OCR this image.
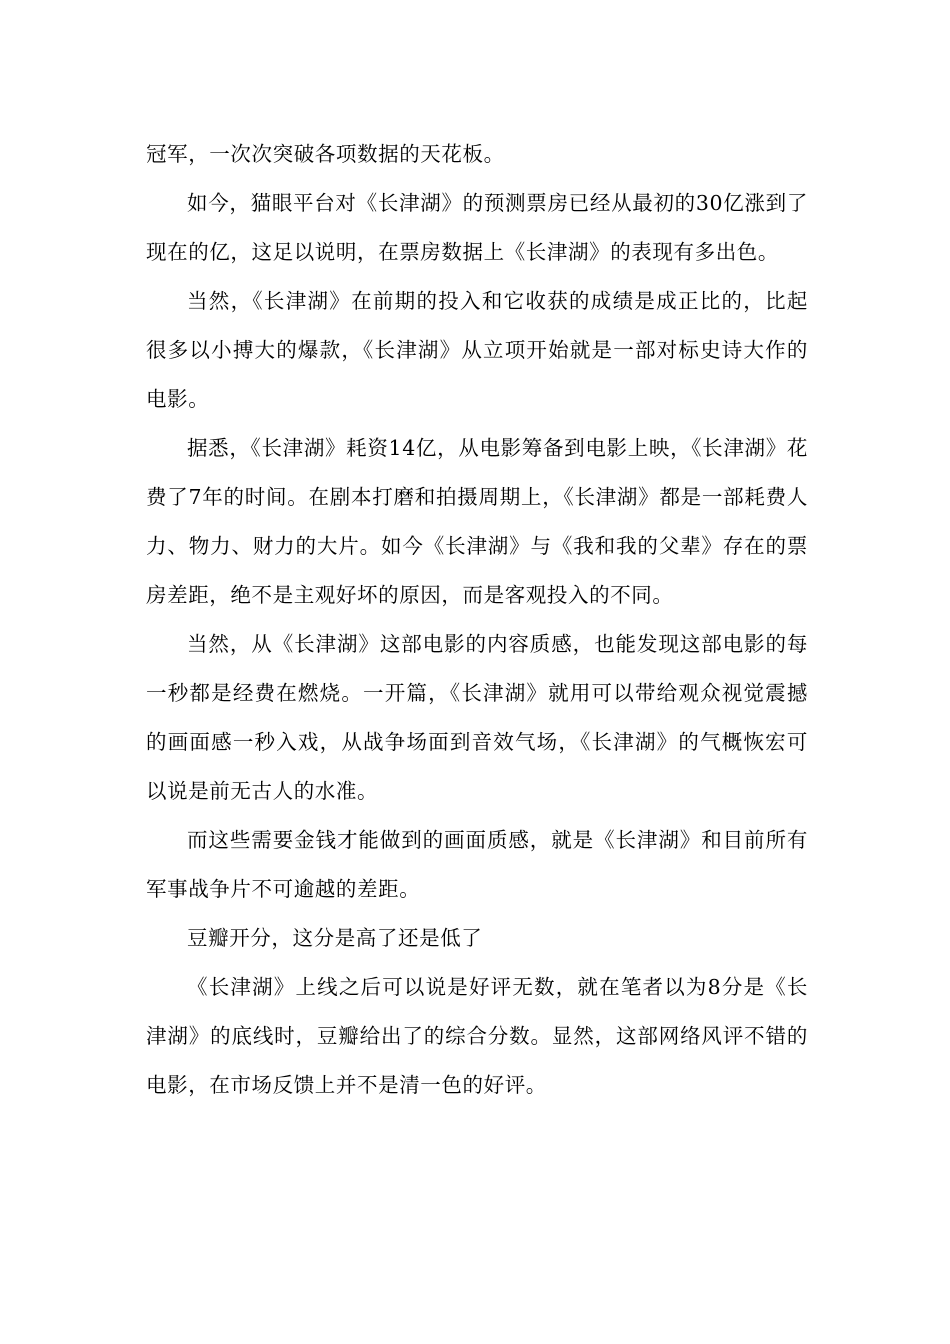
冠军，一次次突破各项数据的天花板。

如今，猫眼平台对《长津湖》的预测票房已经从最初的30亿涨到了现在的亿，这足以说明，在票房数据上《长津湖》的表现有多出色。

当然，《长津湖》在前期的投入和它收获的成绩是成正比的，比起很多以小搏大的爆款，《长津湖》从立项开始就是一部对标史诗大作的电影。

据悉，《长津湖》耗资14亿，从电影筹备到电影上映，《长津湖》花费了7年的时间。在剧本打磨和拍摄周期上，《长津湖》都是一部耗费人力、物力、财力的大片。如今《长津湖》与《我和我的父辈》存在的票房差距，绝不是主观好坏的原因，而是客观投入的不同。

当然，从《长津湖》这部电影的内容质感，也能发现这部电影的每一秒都是经费在燃烧。一开篇，《长津湖》就用可以带给观众视觉震撼的画面感一秒入戏，从战争场面到音效气场，《长津湖》的气概恢宏可以说是前无古人的水准。

而这些需要金钱才能做到的画面质感，就是《长津湖》和目前所有军事战争片不可逾越的差距。

豆瓣开分，这分是高了还是低了

《长津湖》上线之后可以说是好评无数，就在笔者以为8分是《长津湖》的底线时，豆瓣给出了的综合分数。显然，这部网络风评不错的电影，在市场反馈上并不是清一色的好评。
